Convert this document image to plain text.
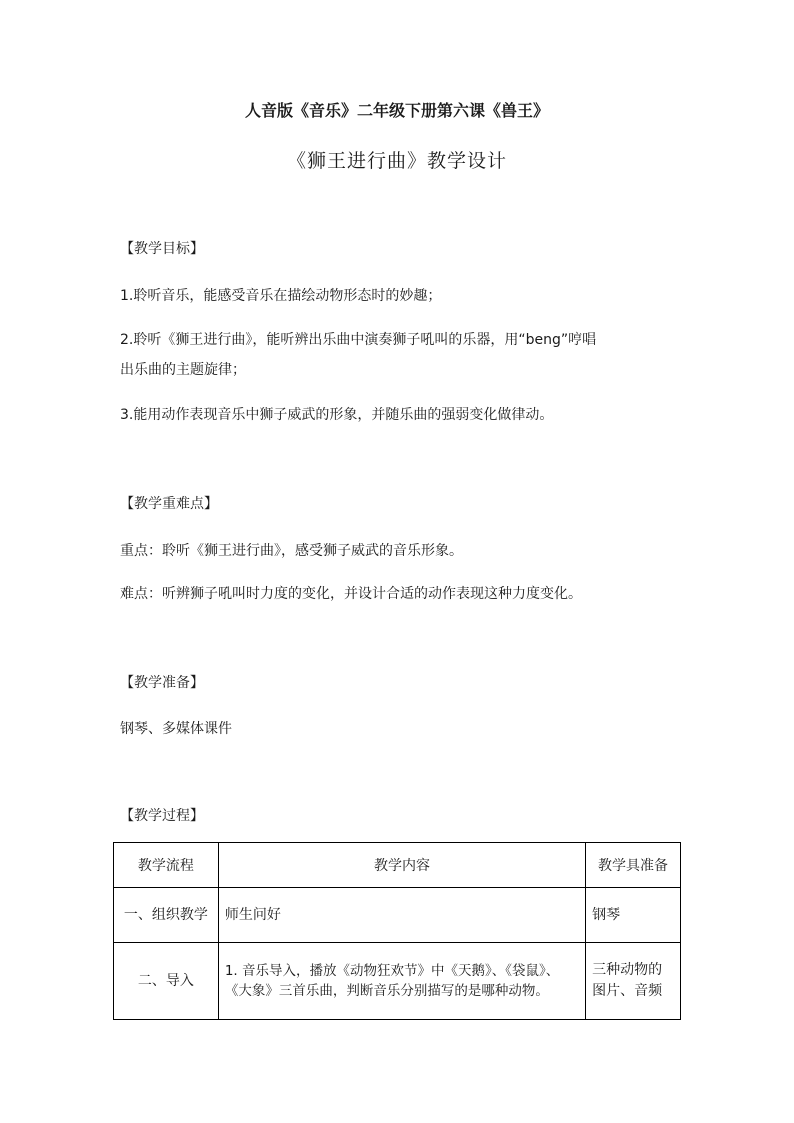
人音版《音乐》二年级下册第六课《兽王》
《狮王进行曲》教学设计
【教学目标】
1.聆听音乐，能感受音乐在描绘动物形态时的妙趣；
2.聆听《狮王进行曲》，能听辨出乐曲中演奏狮子吼叫的乐器，用“beng”哼唱
出乐曲的主题旋律；
3.能用动作表现音乐中狮子威武的形象，并随乐曲的强弱变化做律动。
【教学重难点】
重点：聆听《狮王进行曲》，感受狮子威武的音乐形象。
难点：听辨狮子吼叫时力度的变化，并设计合适的动作表现这种力度变化。
【教学准备】
钢琴、多媒体课件
【教学过程】
教学流程	教学内容	教学具准备

一、组织教学	师生问好	钢琴

二、导入	1. 音乐导入，播放《动物狂欢节》中《天鹅》、《袋鼠》、《大象》三首乐曲，判断音乐分别描写的是哪种动物。	三种动物的图片、音频
